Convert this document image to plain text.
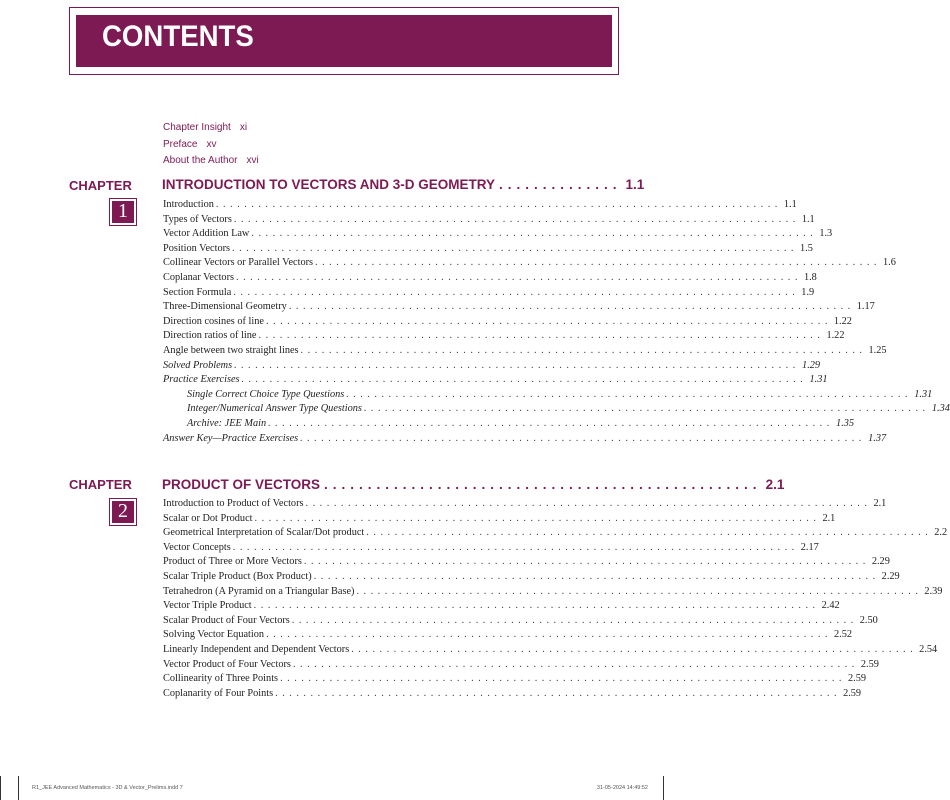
CONTENTS
Chapter Insight xi
Preface xv
About the Author xvi
CHAPTER
1
INTRODUCTION TO VECTORS AND 3-D GEOMETRY .............. 1.1
Introduction ................................................................................ 1.1
Types of Vectors ................................................................................ 1.1
Vector Addition Law ................................................................................ 1.3
Position Vectors ................................................................................ 1.5
Collinear Vectors or Parallel Vectors ................................................................................ 1.6
Coplanar Vectors ................................................................................ 1.8
Section Formula ................................................................................ 1.9
Three-Dimensional Geometry ................................................................................ 1.17
Direction cosines of line ................................................................................ 1.22
Direction ratios of line ................................................................................ 1.22
Angle between two straight lines ................................................................................ 1.25
Solved Problems ................................................................................ 1.29
Practice Exercises ................................................................................ 1.31
Single Correct Choice Type Questions ................................................................................ 1.31
Integer/Numerical Answer Type Questions ................................................................................ 1.34
Archive: JEE Main ................................................................................ 1.35
Answer Key—Practice Exercises ................................................................................ 1.37
CHAPTER
2
PRODUCT OF VECTORS .................................................. 2.1
Introduction to Product of Vectors ................................................................................ 2.1
Scalar or Dot Product ................................................................................ 2.1
Geometrical Interpretation of Scalar/Dot product ................................................................................ 2.2
Vector Concepts ................................................................................ 2.17
Product of Three or More Vectors ................................................................................ 2.29
Scalar Triple Product (Box Product) ................................................................................ 2.29
Tetrahedron (A Pyramid on a Triangular Base) ................................................................................ 2.39
Vector Triple Product ................................................................................ 2.42
Scalar Product of Four Vectors ................................................................................ 2.50
Solving Vector Equation ................................................................................ 2.52
Linearly Independent and Dependent Vectors ................................................................................ 2.54
Vector Product of Four Vectors ................................................................................ 2.59
Collinearity of Three Points ................................................................................ 2.59
Coplanarity of Four Points ................................................................................ 2.59
R1_JEE Advanced Mathematics - 3D & Vector_Prelims.indd 7	31-05-2024 14:49:52
